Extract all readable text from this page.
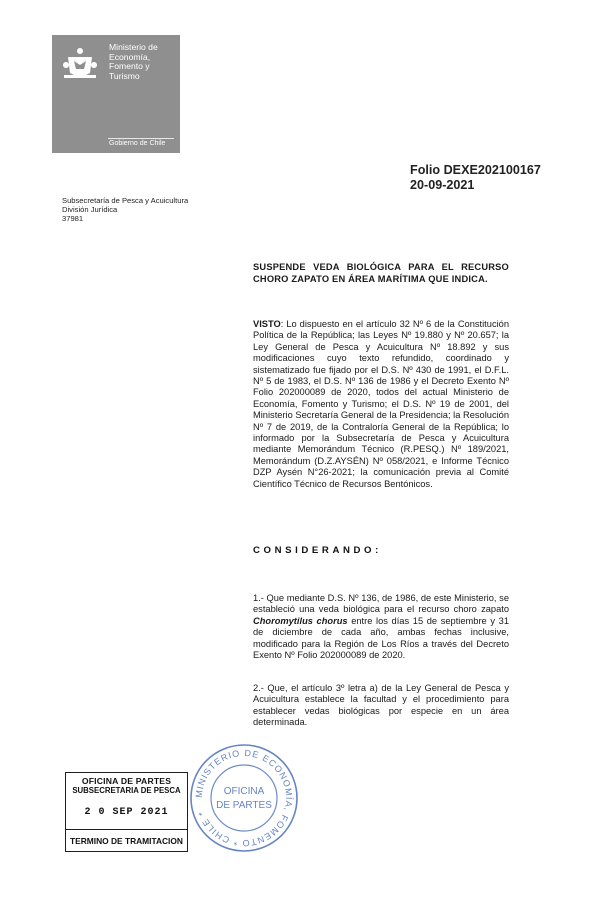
Ministerio de Economía, Fomento y Turismo
Gobierno de Chile
Folio DEXE202100167
20-09-2021
Subsecretaría de Pesca y Acuicultura
División Jurídica
37981
SUSPENDE VEDA BIOLÓGICA PARA EL RECURSO CHORO ZAPATO EN ÁREA MARÍTIMA QUE INDICA.
VISTO: Lo dispuesto en el artículo 32 Nº 6 de la Constitución Política de la República; las Leyes Nº 19.880 y Nº 20.657; la Ley General de Pesca y Acuicultura Nº 18.892 y sus modificaciones cuyo texto refundido, coordinado y sistematizado fue fijado por el D.S. Nº 430 de 1991, el D.F.L. Nº 5 de 1983, el D.S. Nº 136 de 1986 y el Decreto Exento Nº Folio 202000089 de 2020, todos del actual Ministerio de Economía, Fomento y Turismo; el D.S. Nº 19 de 2001, del Ministerio Secretaría General de la Presidencia; la Resolución Nº 7 de 2019, de la Contraloría General de la República; lo informado por la Subsecretaría de Pesca y Acuicultura mediante Memorándum Técnico (R.PESQ.) Nº 189/2021, Memorándum (D.Z.AYSÉN) Nº 058/2021, e Informe Técnico DZP Aysén N°26-2021; la comunicación previa al Comité Científico Técnico de Recursos Bentónicos.
CONSIDERANDO:
1.- Que mediante D.S. Nº 136, de 1986, de este Ministerio, se estableció una veda biológica para el recurso choro zapato Choromytilus chorus entre los días 15 de septiembre y 31 de diciembre de cada año, ambas fechas inclusive, modificado para la Región de Los Ríos a través del Decreto Exento Nº Folio 202000089 de 2020.
2.- Que, el artículo 3º letra a) de la Ley General de Pesca y Acuicultura establece la facultad y el procedimiento para establecer vedas biológicas por especie en un área determinada.
OFICINA DE PARTES
SUBSECRETARIA DE PESCA
2 0 SEP 2021
TERMINO DE TRAMITACION
MINISTERIO DE ECONOMÍA, FOMENTO * CHILE *
OFICINA
DE PARTES
